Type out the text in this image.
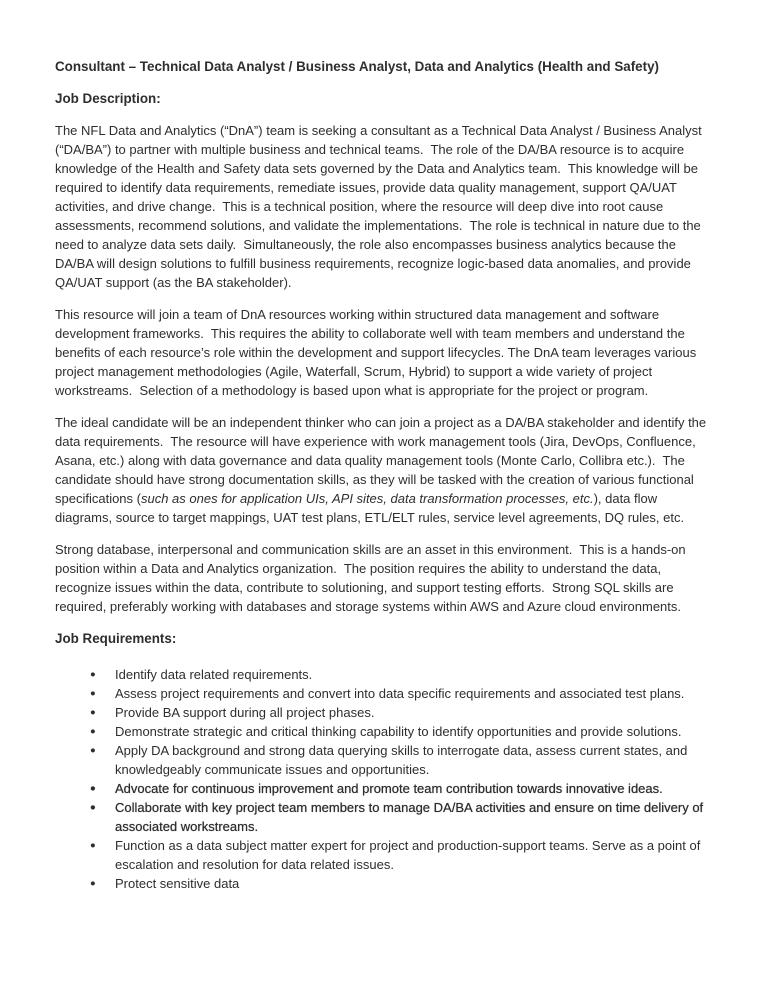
Consultant – Technical Data Analyst / Business Analyst, Data and Analytics (Health and Safety)
Job Description:

The NFL Data and Analytics (“DnA”) team is seeking a consultant as a Technical Data Analyst / Business Analyst (“DA/BA”) to partner with multiple business and technical teams.  The role of the DA/BA resource is to acquire knowledge of the Health and Safety data sets governed by the Data and Analytics team.  This knowledge will be required to identify data requirements, remediate issues, provide data quality management, support QA/UAT activities, and drive change.  This is a technical position, where the resource will deep dive into root cause assessments, recommend solutions, and validate the implementations.  The role is technical in nature due to the need to analyze data sets daily.  Simultaneously, the role also encompasses business analytics because the DA/BA will design solutions to fulfill business requirements, recognize logic-based data anomalies, and provide QA/UAT support (as the BA stakeholder).

This resource will join a team of DnA resources working within structured data management and software development frameworks.  This requires the ability to collaborate well with team members and understand the benefits of each resource’s role within the development and support lifecycles. The DnA team leverages various project management methodologies (Agile, Waterfall, Scrum, Hybrid) to support a wide variety of project workstreams.  Selection of a methodology is based upon what is appropriate for the project or program.

The ideal candidate will be an independent thinker who can join a project as a DA/BA stakeholder and identify the data requirements.  The resource will have experience with work management tools (Jira, DevOps, Confluence, Asana, etc.) along with data governance and data quality management tools (Monte Carlo, Collibra etc.).  The candidate should have strong documentation skills, as they will be tasked with the creation of various functional specifications (such as ones for application UIs, API sites, data transformation processes, etc.), data flow diagrams, source to target mappings, UAT test plans, ETL/ELT rules, service level agreements, DQ rules, etc.

Strong database, interpersonal and communication skills are an asset in this environment.  This is a hands-on position within a Data and Analytics organization.  The position requires the ability to understand the data, recognize issues within the data, contribute to solutioning, and support testing efforts.  Strong SQL skills are required, preferably working with databases and storage systems within AWS and Azure cloud environments.

Job Requirements:
● Identify data related requirements.
● Assess project requirements and convert into data specific requirements and associated test plans.
● Provide BA support during all project phases.
● Demonstrate strategic and critical thinking capability to identify opportunities and provide solutions.
● Apply DA background and strong data querying skills to interrogate data, assess current states, and knowledgeably communicate issues and opportunities.
● Advocate for continuous improvement and promote team contribution towards innovative ideas.
● Collaborate with key project team members to manage DA/BA activities and ensure on time delivery of associated workstreams.
● Function as a data subject matter expert for project and production-support teams. Serve as a point of escalation and resolution for data related issues.
● Protect sensitive data
